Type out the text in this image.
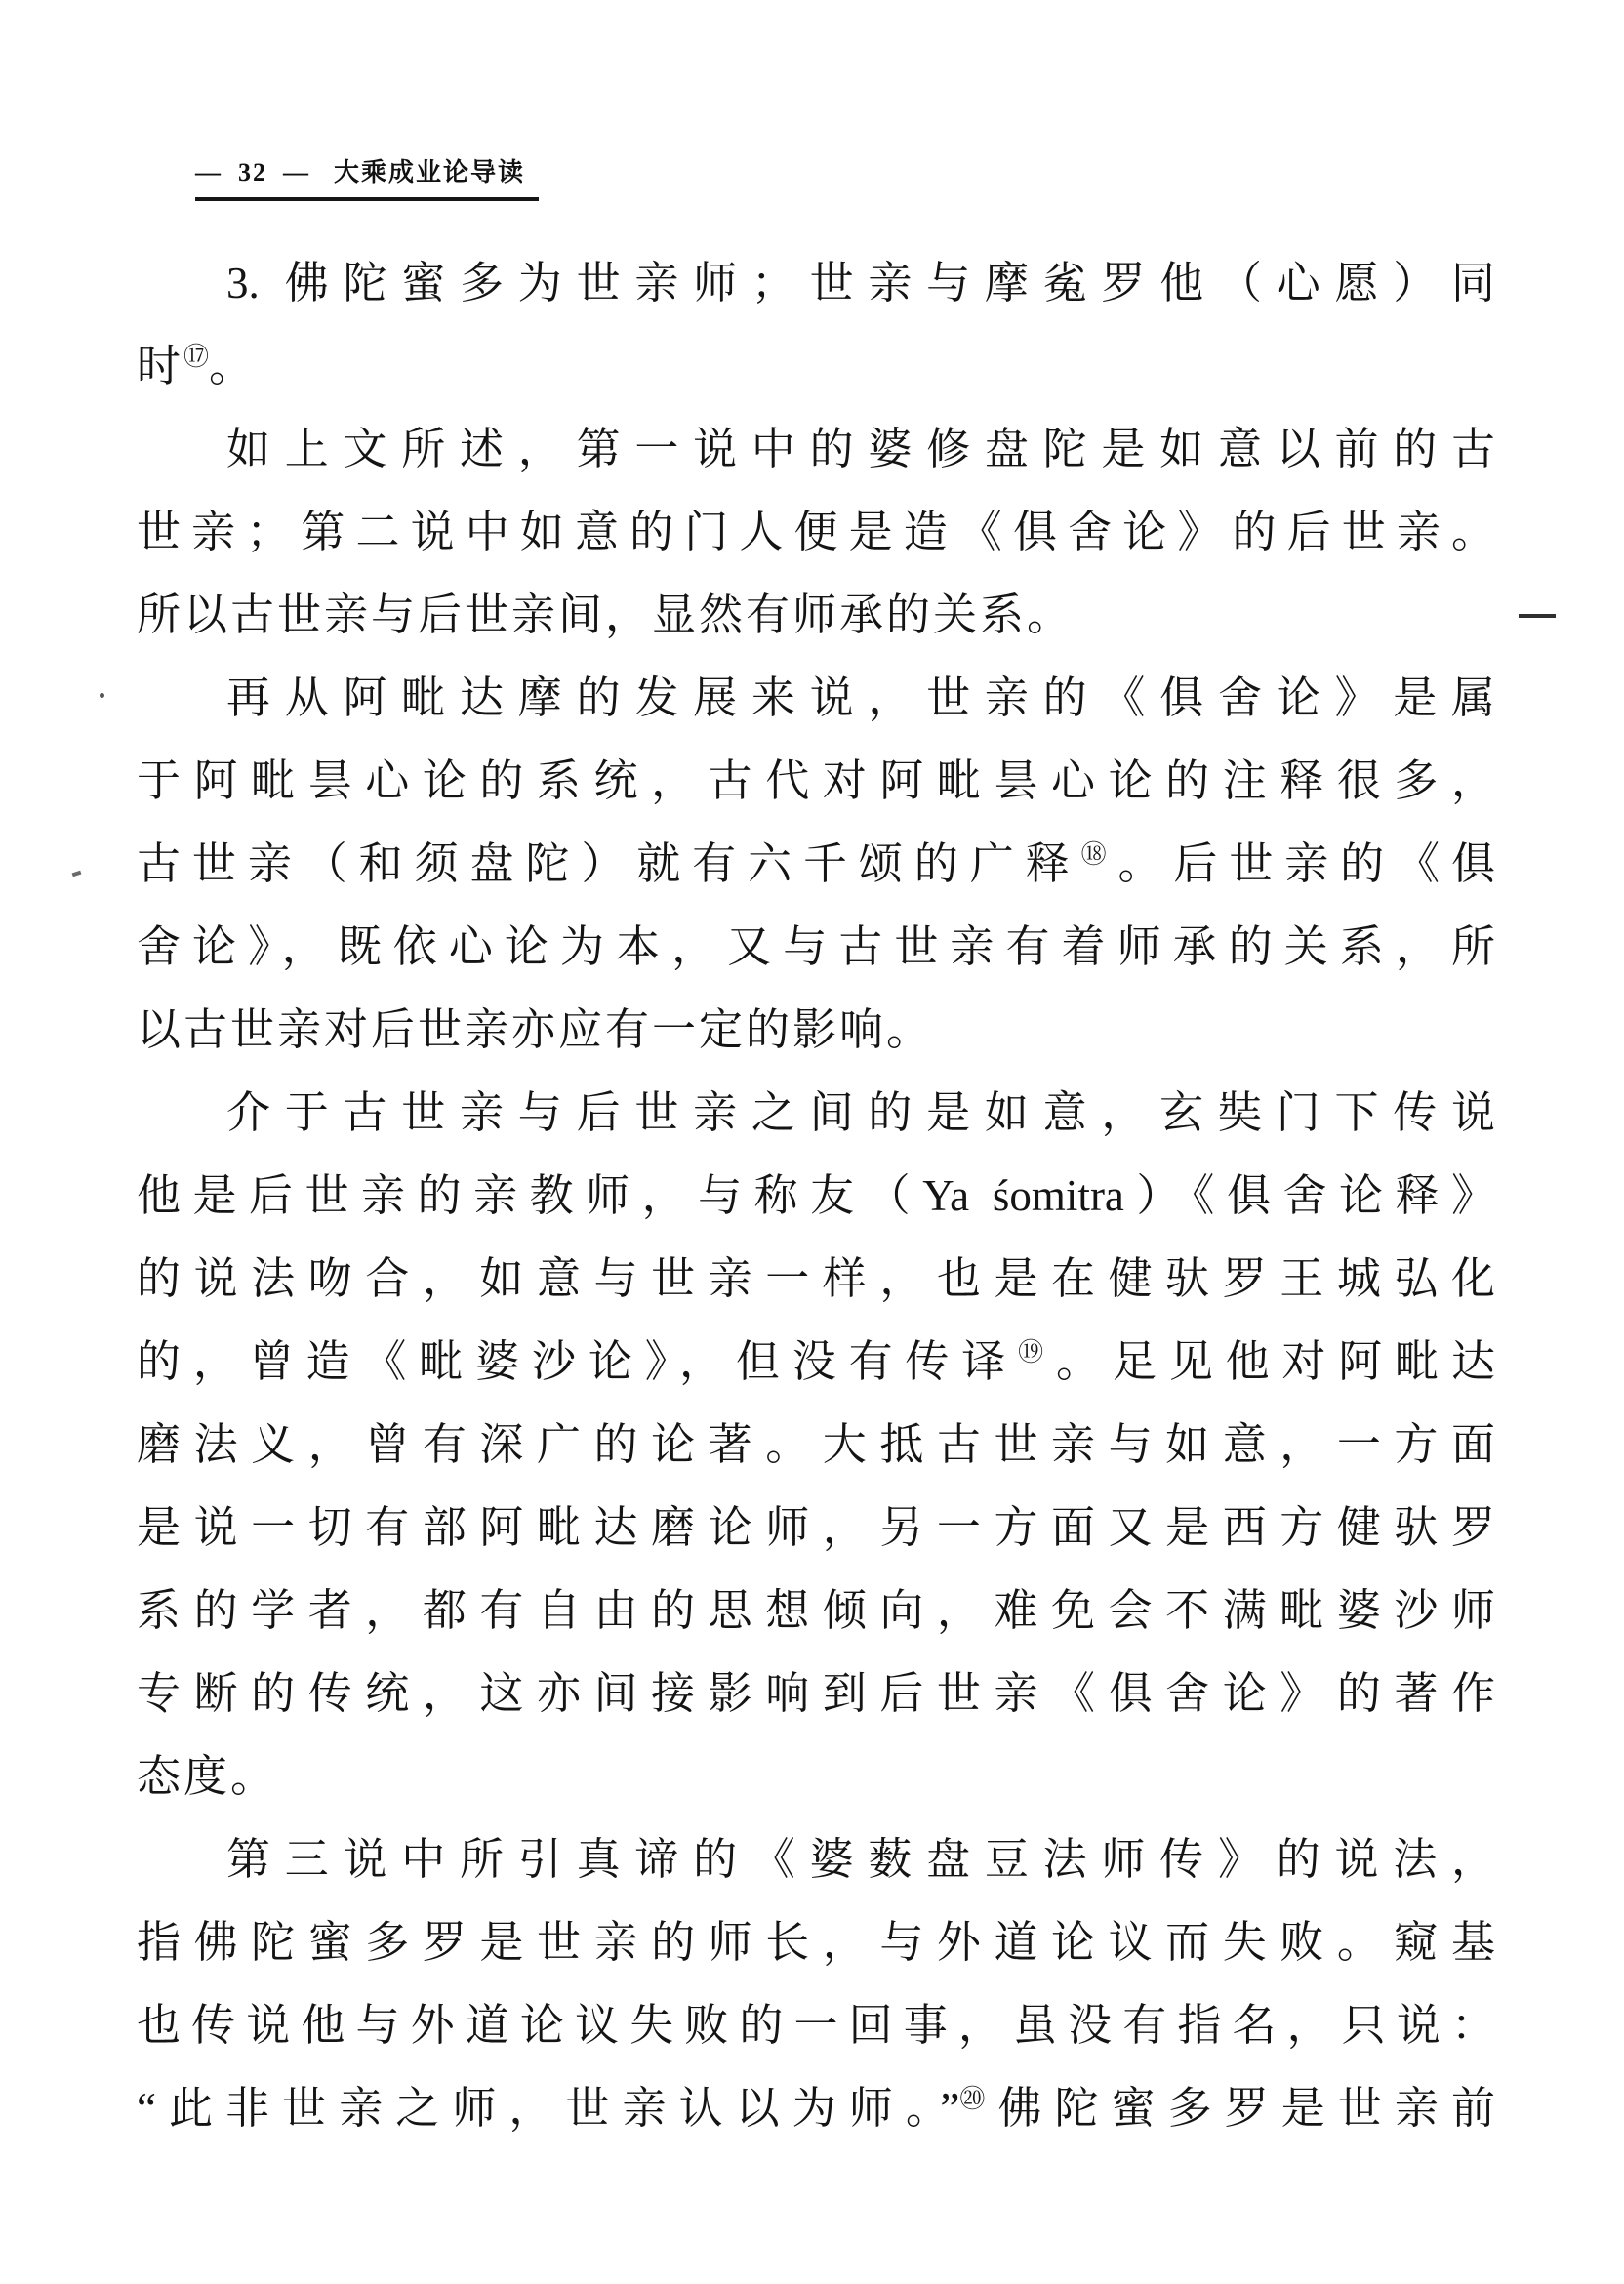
— 32 — 大乘成业论导读
3. 佛陀蜜多为世亲师；世亲与摩㝹罗他（心愿）同
时⑰。
如上文所述，第一说中的婆修盘陀是如意以前的古
世亲；第二说中如意的门人便是造《俱舍论》的后世亲。
所以古世亲与后世亲间，显然有师承的关系。
再从阿毗达摩的发展来说，世亲的《俱舍论》是属
于阿毗昙心论的系统，古代对阿毗昙心论的注释很多，
古世亲（和须盘陀）就有六千颂的广释⑱。后世亲的《俱
舍论》，既依心论为本，又与古世亲有着师承的关系，所
以古世亲对后世亲亦应有一定的影响。
介于古世亲与后世亲之间的是如意，玄奘门下传说
他是后世亲的亲教师，与称友（Ya śomitra）《俱舍论释》
的说法吻合，如意与世亲一样，也是在健驮罗王城弘化
的，曾造《毗婆沙论》，但没有传译⑲。足见他对阿毗达
磨法义，曾有深广的论著。大抵古世亲与如意，一方面
是说一切有部阿毗达磨论师，另一方面又是西方健驮罗
系的学者，都有自由的思想倾向，难免会不满毗婆沙师
专断的传统，这亦间接影响到后世亲《俱舍论》的著作
态度。
第三说中所引真谛的《婆薮盘豆法师传》的说法，
指佛陀蜜多罗是世亲的师长，与外道论议而失败。窥基
也传说他与外道论议失败的一回事，虽没有指名，只说：
“此非世亲之师，世亲认以为师。”⑳佛陀蜜多罗是世亲前
